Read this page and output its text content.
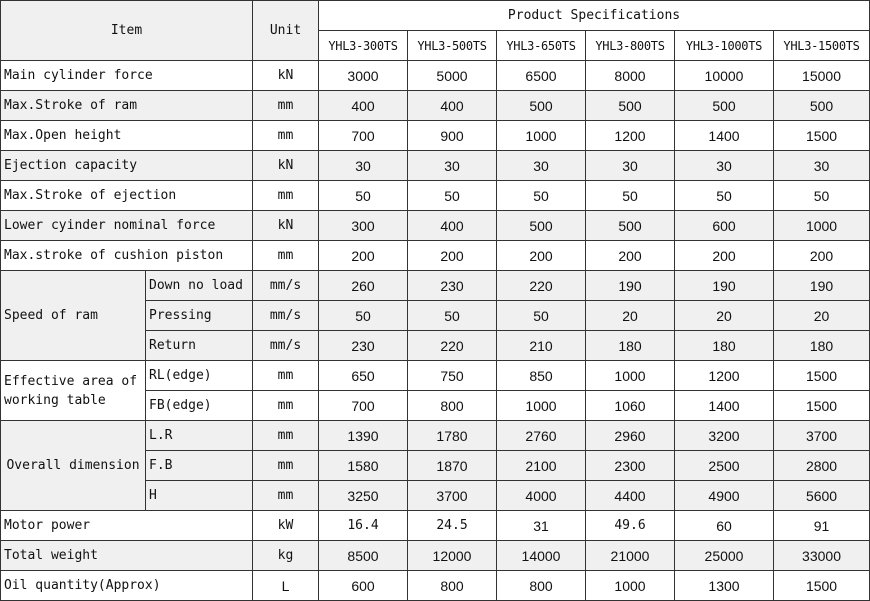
Item		Unit	Product Specifications					
			YHL3-300TS	YHL3-500TS	YHL3-650TS	YHL3-800TS	YHL3-1000TS	YHL3-1500TS
Main cylinder force		kN	3000	5000	6500	8000	10000	15000
Max.Stroke of ram		mm	400	400	500	500	500	500
Max.Open height		mm	700	900	1000	1200	1400	1500
Ejection capacity		kN	30	30	30	30	30	30
Max.Stroke of ejection		mm	50	50	50	50	50	50
Lower cyinder nominal force		kN	300	400	500	500	600	1000
Max.stroke of cushion piston		mm	200	200	200	200	200	200
Speed of ram	Down no load	mm/s	260	230	220	190	190	190
	Pressing	mm/s	50	50	50	20	20	20
	Return	mm/s	230	220	210	180	180	180
Effective area of
working table	RL(edge)	mm	650	750	850	1000	1200	1500
	FB(edge)	mm	700	800	1000	1060	1400	1500
Overall dimension	L.R	mm	1390	1780	2760	2960	3200	3700
	F.B	mm	1580	1870	2100	2300	2500	2800
	H	mm	3250	3700	4000	4400	4900	5600
Motor power		kW	16.4	24.5	31	49.6	60	91
Total weight		kg	8500	12000	14000	21000	25000	33000
Oil quantity(Approx)		L	600	800	800	1000	1300	1500
